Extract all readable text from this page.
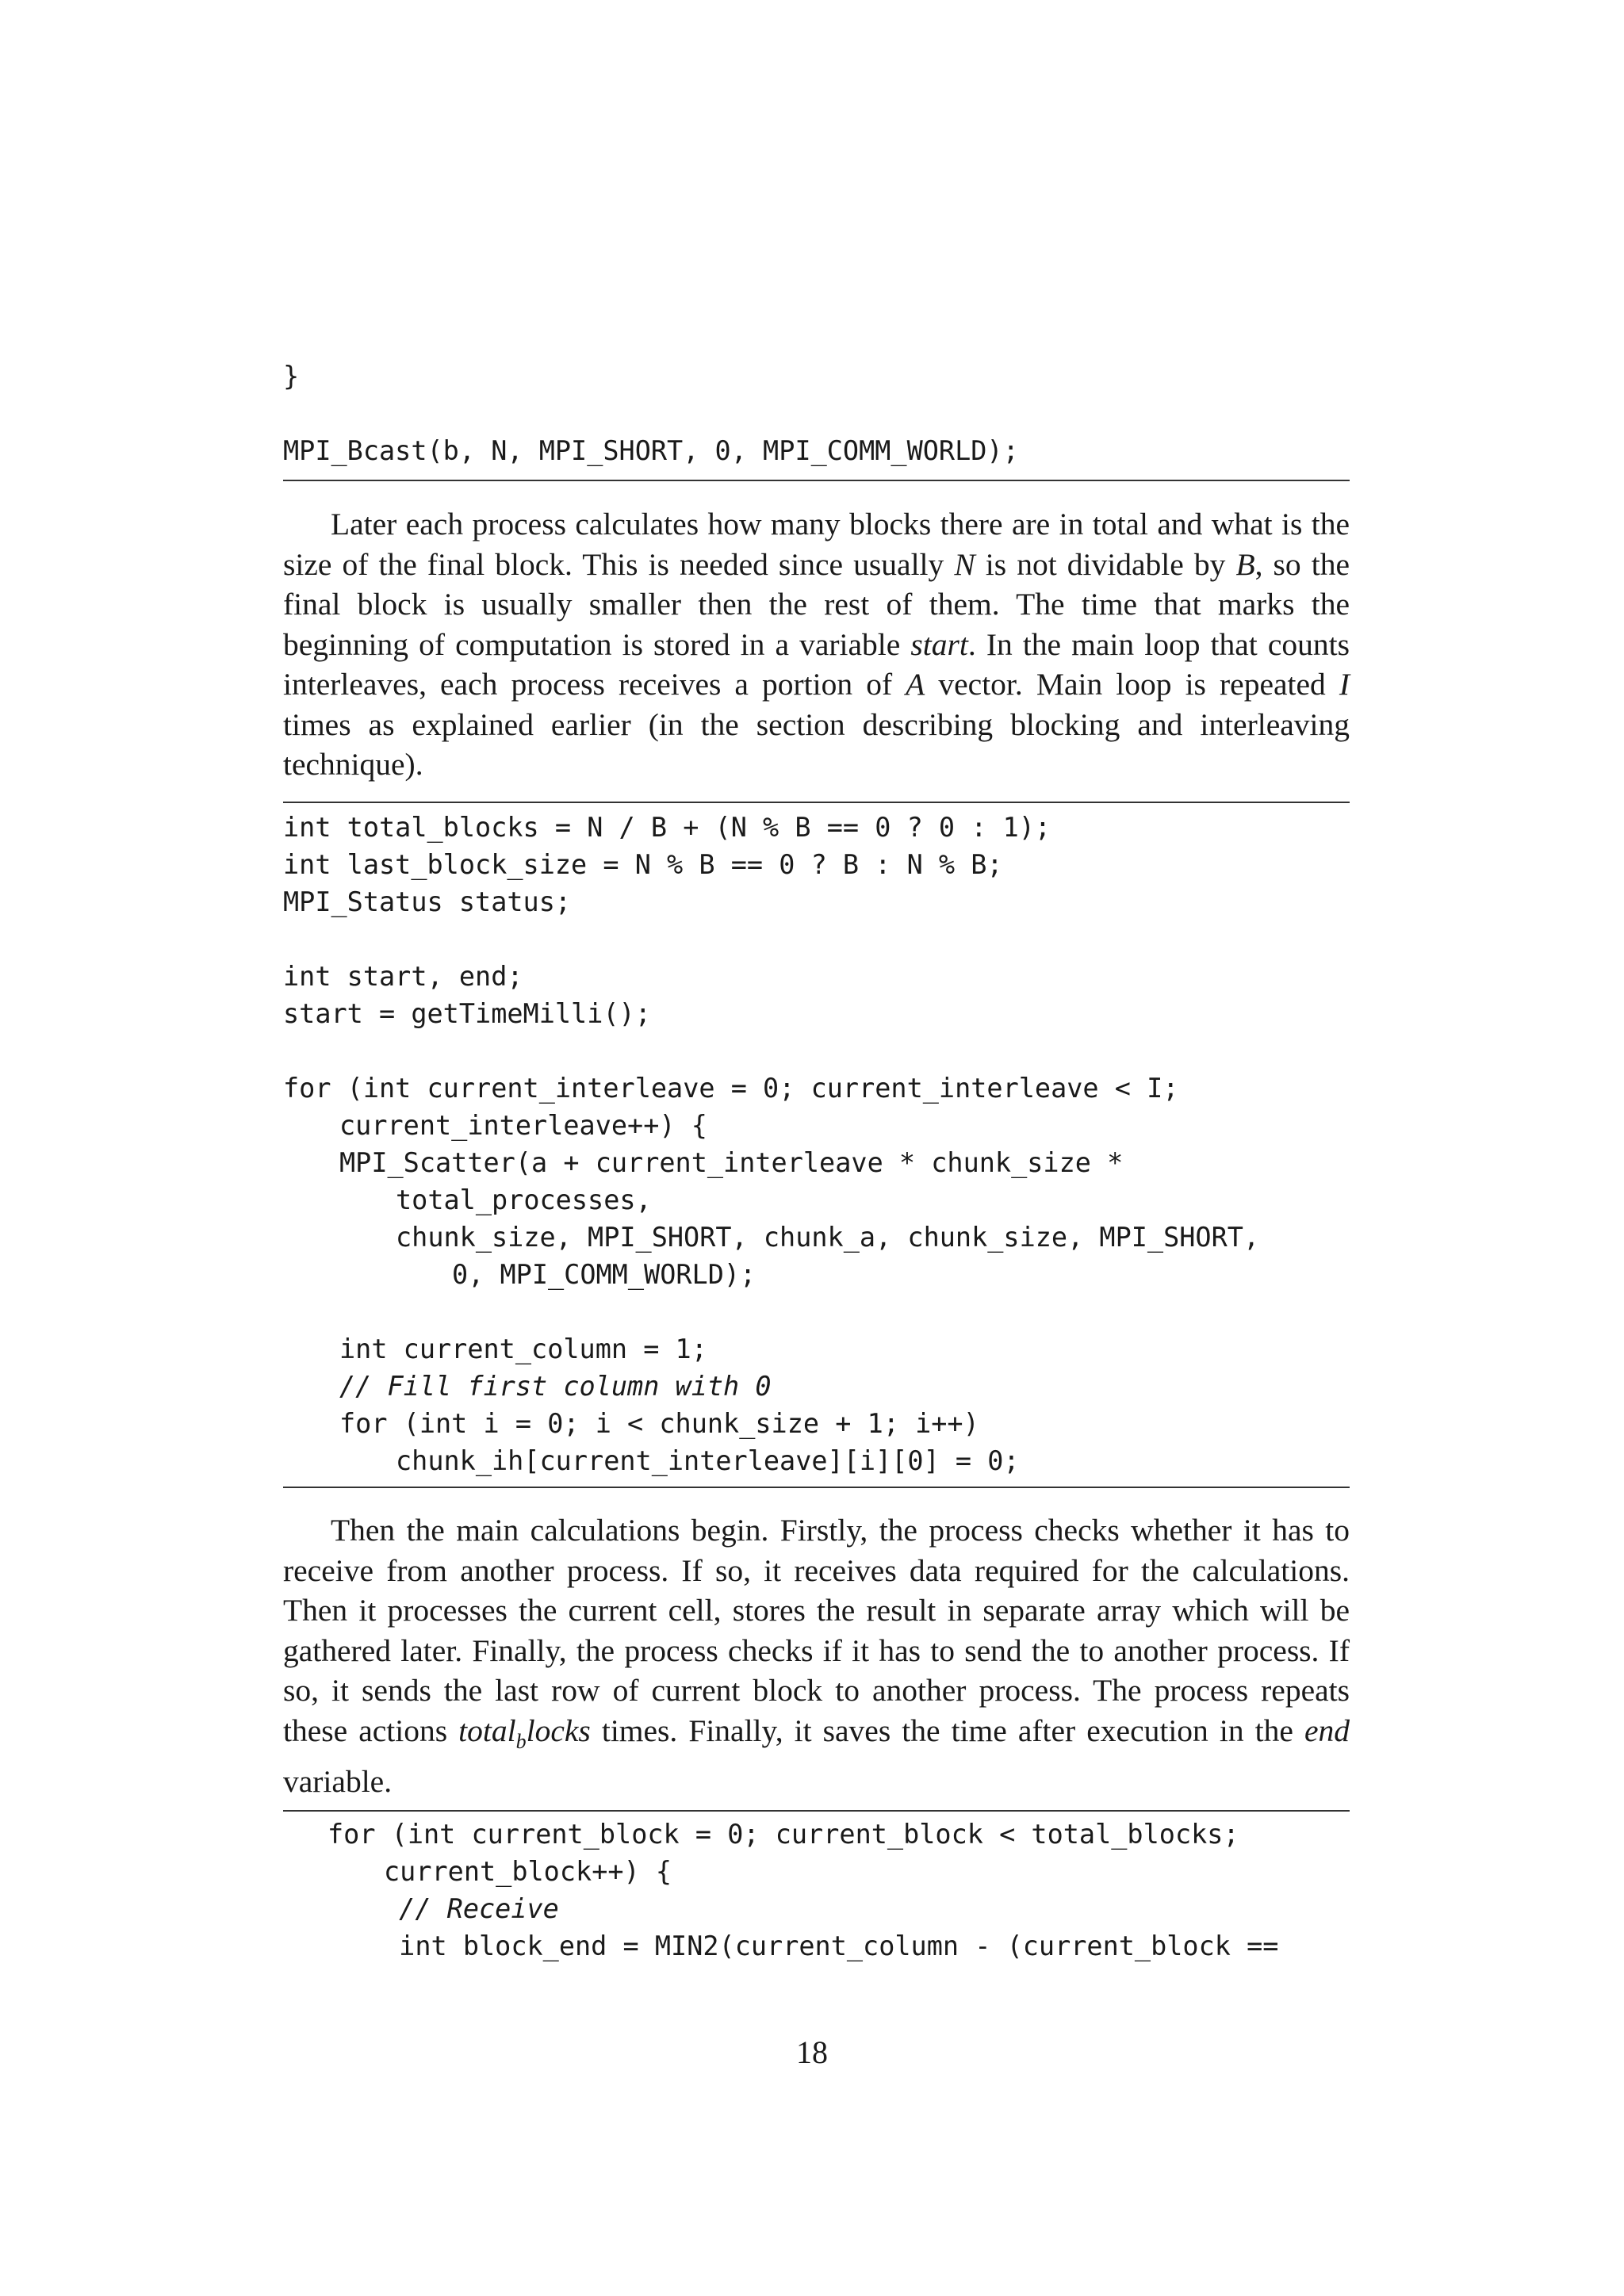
}
MPI_Bcast(b, N, MPI_SHORT, 0, MPI_COMM_WORLD);

Later each process calculates how many blocks there are in total and what is the size of the final block. This is needed since usually N is not dividable by B, so the final block is usually smaller then the rest of them. The time that marks the beginning of computation is stored in a variable start. In the main loop that counts interleaves, each process receives a portion of A vector. Main loop is repeated I times as explained earlier (in the section describing blocking and interleaving technique).

int total_blocks = N / B + (N % B == 0 ? 0 : 1);
int last_block_size = N % B == 0 ? B : N % B;
MPI_Status status;
int start, end;
start = getTimeMilli();
for (int current_interleave = 0; current_interleave < I;
current_interleave++) {
MPI_Scatter(a + current_interleave * chunk_size *
total_processes,
chunk_size, MPI_SHORT, chunk_a, chunk_size, MPI_SHORT,
0, MPI_COMM_WORLD);
int current_column = 1;
// Fill first column with 0
for (int i = 0; i < chunk_size + 1; i++)
chunk_ih[current_interleave][i][0] = 0;

Then the main calculations begin. Firstly, the process checks whether it has to receive from another process. If so, it receives data required for the calculations. Then it processes the current cell, stores the result in separate array which will be gathered later. Finally, the process checks if it has to send the to another process. If so, it sends the last row of current block to another process. The process repeats these actions total$_b$locks times. Finally, it saves the time after execution in the end variable.

for (int current_block = 0; current_block < total_blocks;
current_block++) {
// Receive
int block_end = MIN2(current_column - (current_block ==
18
